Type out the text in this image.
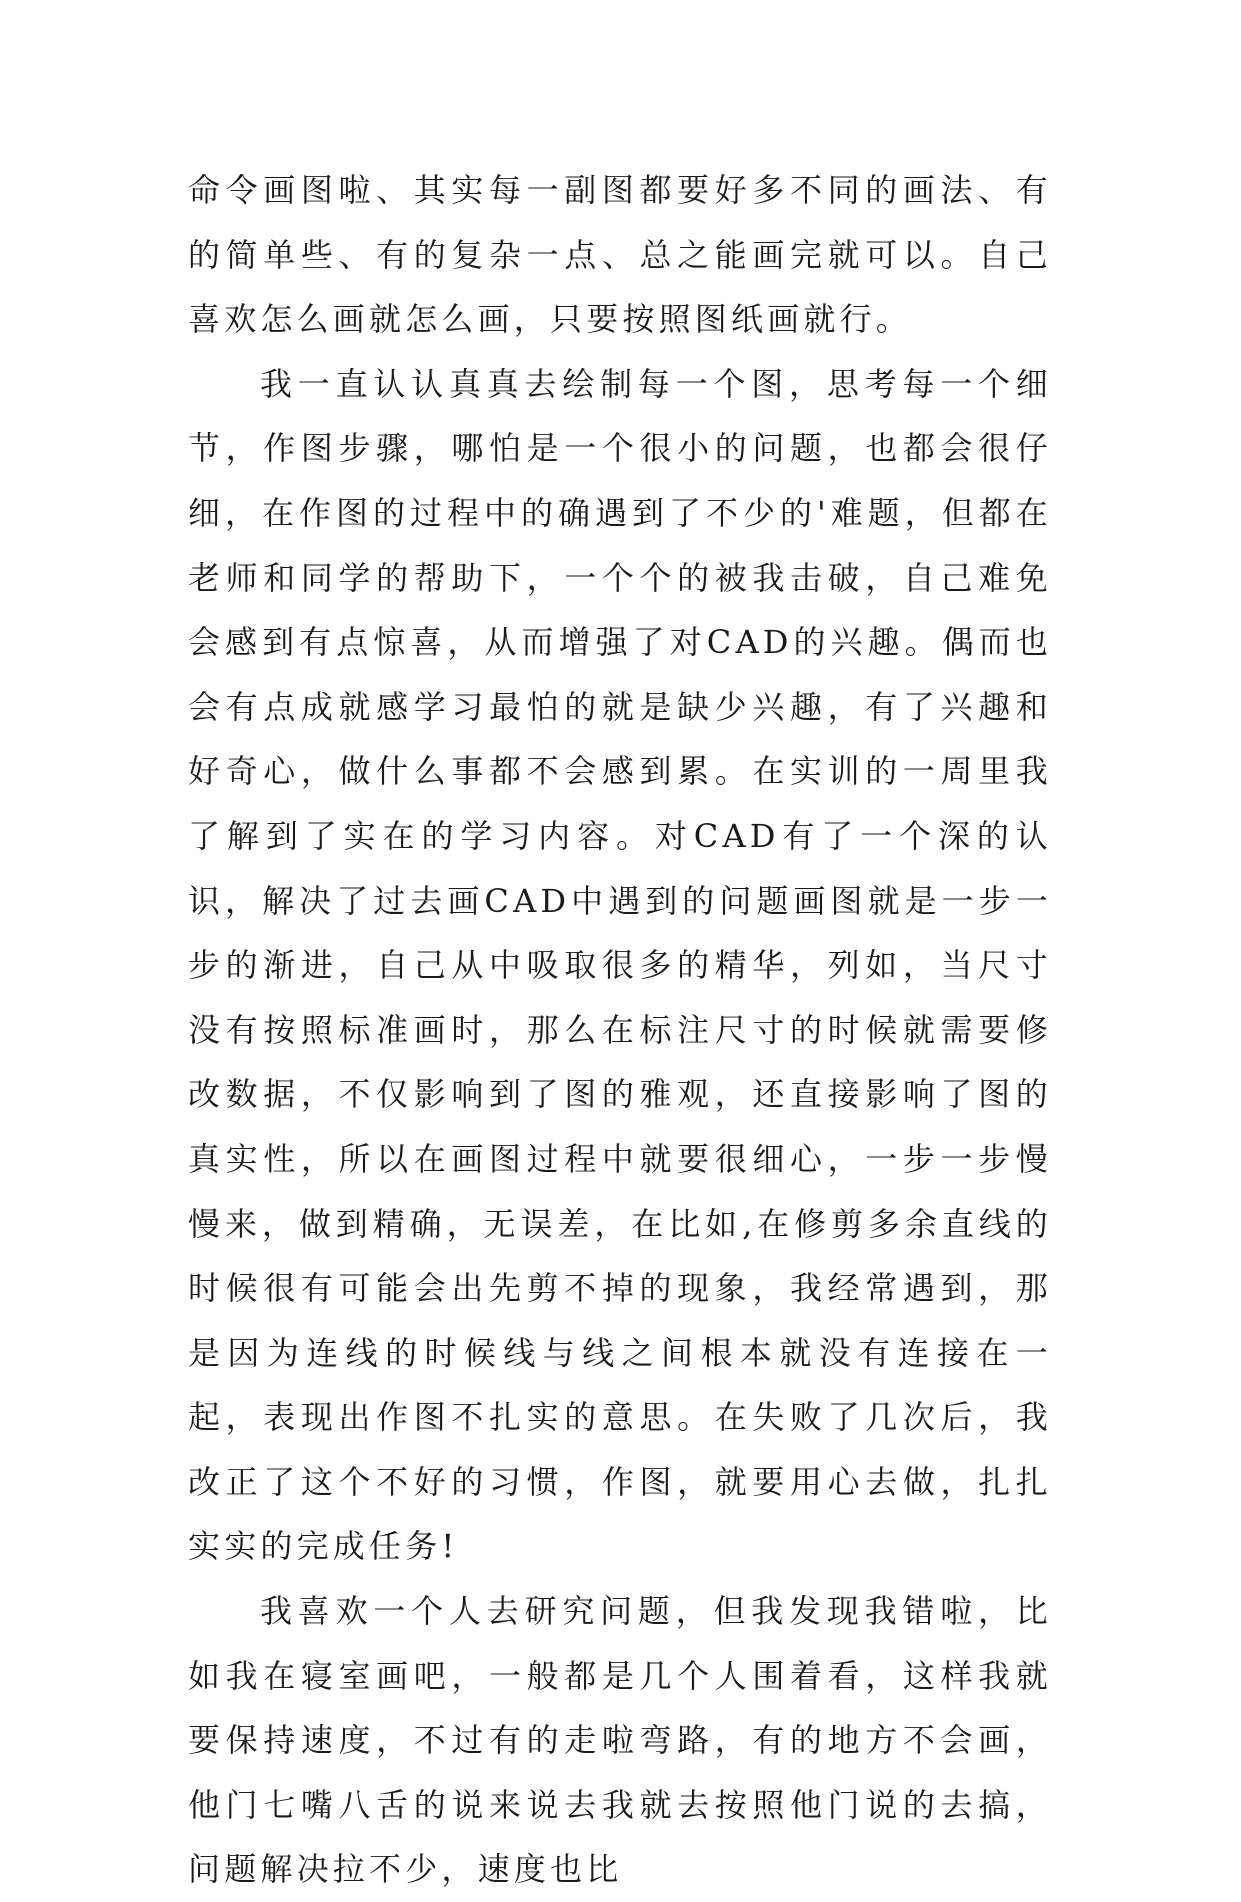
命令画图啦、其实每一副图都要好多不同的画法、有的简单些、有的复杂一点、总之能画完就可以。自己喜欢怎么画就怎么画，只要按照图纸画就行。

我一直认认真真去绘制每一个图，思考每一个细节，作图步骤，哪怕是一个很小的问题，也都会很仔细，在作图的过程中的确遇到了不少的'难题，但都在老师和同学的帮助下，一个个的被我击破，自己难免会感到有点惊喜，从而增强了对CAD的兴趣。偶而也会有点成就感学习最怕的就是缺少兴趣，有了兴趣和好奇心，做什么事都不会感到累。在实训的一周里我了解到了实在的学习内容。对CAD有了一个深的认识，解决了过去画CAD中遇到的问题画图就是一步一步的渐进，自己从中吸取很多的精华，列如，当尺寸没有按照标准画时，那么在标注尺寸的时候就需要修改数据，不仅影响到了图的雅观，还直接影响了图的真实性，所以在画图过程中就要很细心，一步一步慢慢来，做到精确，无误差，在比如,在修剪多余直线的时候很有可能会出先剪不掉的现象，我经常遇到，那是因为连线的时候线与线之间根本就没有连接在一起，表现出作图不扎实的意思。在失败了几次后，我改正了这个不好的习惯，作图，就要用心去做，扎扎实实的完成任务!

我喜欢一个人去研究问题，但我发现我错啦，比如我在寝室画吧，一般都是几个人围着看，这样我就要保持速度，不过有的走啦弯路，有的地方不会画，他门七嘴八舌的说来说去我就去按照他门说的去搞，问题解决拉不少，速度也比
